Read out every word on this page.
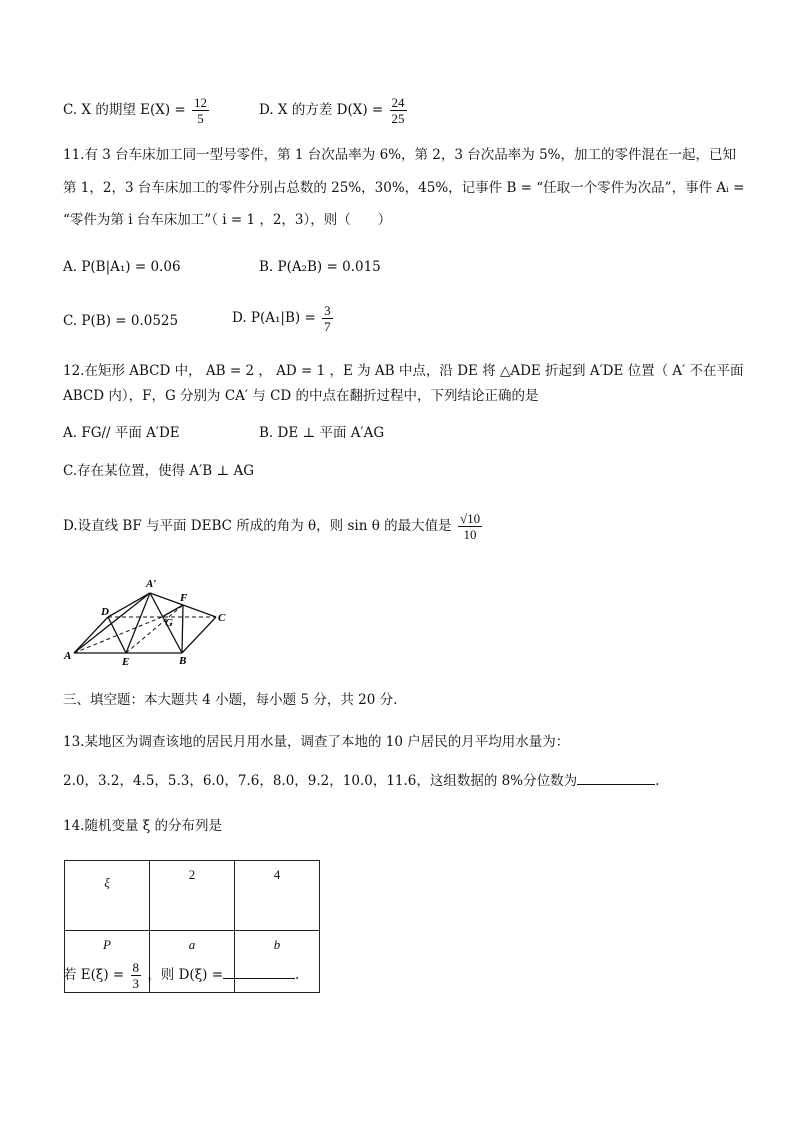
C. X 的期望 $E(X) = \frac{12}{5}$	D. X 的方差 $D(X) = \frac{24}{25}$
11.有 3 台车床加工同一型号零件，第 1 台次品率为 6%，第 2，3 台次品率为 5%，加工的零件混在一起，已知
第 1，2，3 台车床加工的零件分别占总数的 25%，30%，45%，记事件 B = “任取一个零件为次品”，事件 Aᵢ =
“零件为第 i 台车床加工”（ i = 1 ，2，3），则（　　）
A. P(B|A₁) = 0.06	B. P(A₂B) = 0.015
C. P(B) = 0.0525	D. $P(A_1|B) = \frac{3}{7}$
12.在矩形 ABCD 中， AB = 2 ， AD = 1 ，E 为 AB 中点，沿 DE 将 △ADE 折起到 A′DE 位置（ A′ 不在平面
ABCD 内），F，G 分别为 CA′ 与 CD 的中点在翻折过程中，下列结论正确的是
A. FG// 平面 A′DE	B. DE ⊥ 平面 A′AG
C.存在某位置，使得 A′B ⊥ AG
D.设直线 BF 与平面 DEBC 所成的角为 θ，则 sin θ 的最大值是 $\frac{√10}{10}$
A′
F
D
G	C
A	E	B
三、填空题：本大题共 4 小题，每小题 5 分，共 20 分.
13.某地区为调查该地的居民月用水量，调查了本地的 10 户居民的月平均用水量为：
2.0，3.2，4.5，5.3，6.0，7.6，8.0，9.2，10.0，11.6，这组数据的 8%分位数为	.
14.随机变量 ξ 的分布列是
ξ	2	4
P	a	b
若 $E(\xi) = \frac{8}{3}$ ，则 D(ξ) =	.
